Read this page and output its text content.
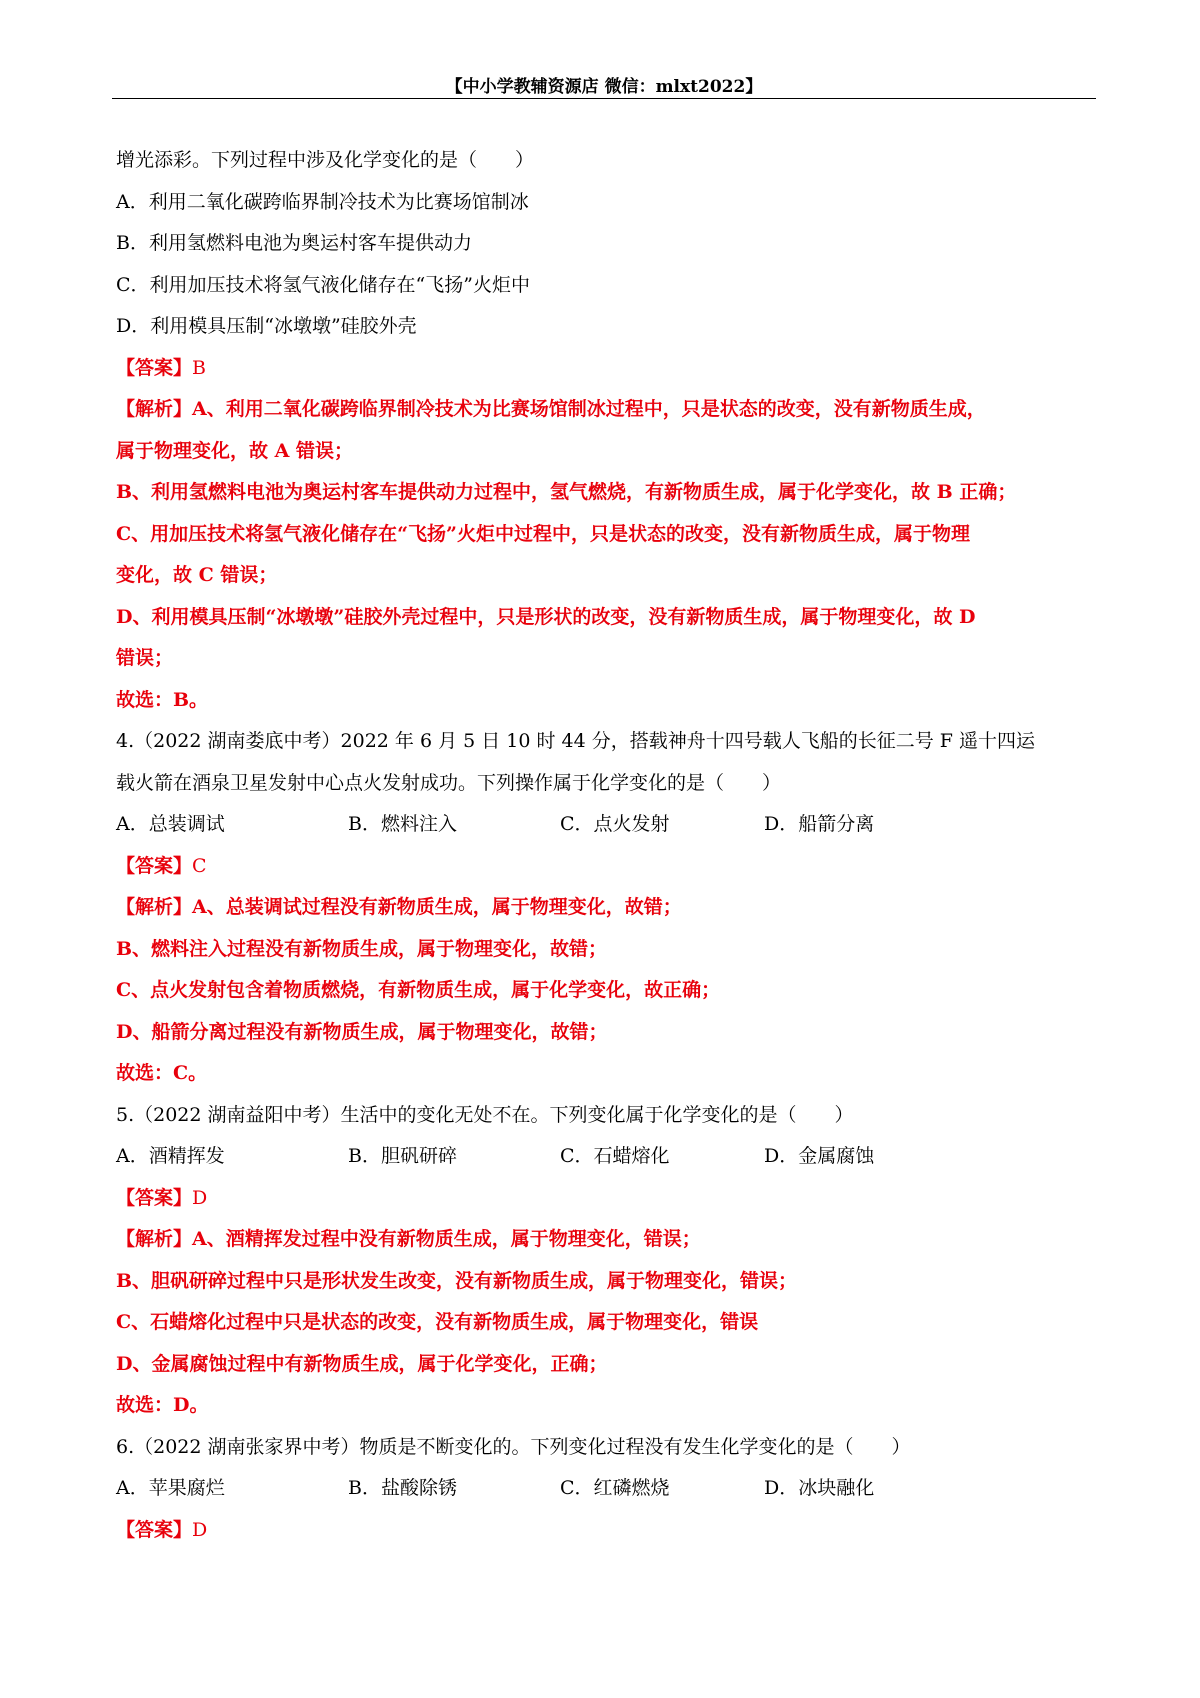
【中小学教辅资源店 微信：mlxt2022】
增光添彩。下列过程中涉及化学变化的是（　　）
A．利用二氧化碳跨临界制冷技术为比赛场馆制冰
B．利用氢燃料电池为奥运村客车提供动力
C．利用加压技术将氢气液化储存在“飞扬”火炬中
D．利用模具压制“冰墩墩”硅胶外壳
【答案】B
【解析】A、利用二氧化碳跨临界制冷技术为比赛场馆制冰过程中，只是状态的改变，没有新物质生成，
属于物理变化，故 A 错误；
B、利用氢燃料电池为奥运村客车提供动力过程中，氢气燃烧，有新物质生成，属于化学变化，故 B 正确；
C、用加压技术将氢气液化储存在“飞扬”火炬中过程中，只是状态的改变，没有新物质生成，属于物理
变化，故 C 错误；
D、利用模具压制“冰墩墩”硅胶外壳过程中，只是形状的改变，没有新物质生成，属于物理变化，故 D
错误；
故选：B。
4.（2022 湖南娄底中考）2022 年 6 月 5 日 10 时 44 分，搭载神舟十四号载人飞船的长征二号 F 遥十四运
载火箭在酒泉卫星发射中心点火发射成功。下列操作属于化学变化的是（　　）
A．总装调试	B．燃料注入	C．点火发射	D．船箭分离
【答案】C
【解析】A、总装调试过程没有新物质生成，属于物理变化，故错；
B、燃料注入过程没有新物质生成，属于物理变化，故错；
C、点火发射包含着物质燃烧，有新物质生成，属于化学变化，故正确；
D、船箭分离过程没有新物质生成，属于物理变化，故错；
故选：C。
5.（2022 湖南益阳中考）生活中的变化无处不在。下列变化属于化学变化的是（　　）
A．酒精挥发	B．胆矾研碎	C．石蜡熔化	D．金属腐蚀
【答案】D
【解析】A、酒精挥发过程中没有新物质生成，属于物理变化，错误；
B、胆矾研碎过程中只是形状发生改变，没有新物质生成，属于物理变化，错误；
C、石蜡熔化过程中只是状态的改变，没有新物质生成，属于物理变化，错误
D、金属腐蚀过程中有新物质生成，属于化学变化，正确；
故选：D。
6.（2022 湖南张家界中考）物质是不断变化的。下列变化过程没有发生化学变化的是（　　）
A．苹果腐烂	B．盐酸除锈	C．红磷燃烧	D．冰块融化
【答案】D
